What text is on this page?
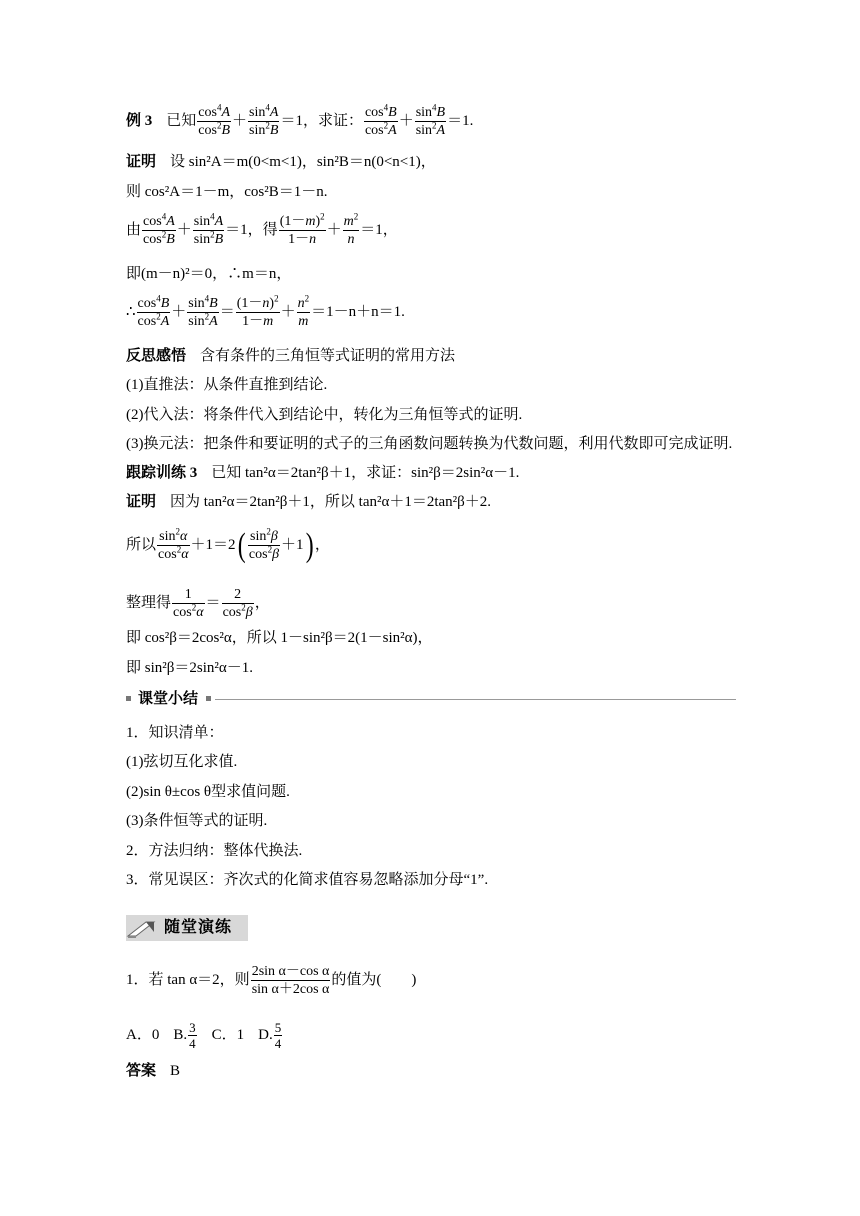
例 3 已知 $\frac{\cos^4A}{\cos^2B} + \frac{\sin^4A}{\sin^2B} =1$，求证： $\frac{\cos^4B}{\cos^2A} + \frac{\sin^4B}{\sin^2A} =1$.
证明 设 sin²A＝m(0<m<1)，sin²B＝n(0<n<1)，
则 cos²A＝1－m，cos²B＝1－n.
由 $\frac{\cos^4A}{\cos^2B} + \frac{\sin^4A}{\sin^2B} =1$，得 $\frac{(1-m)^2}{1-n} + \frac{m^2}{n} =1$，
即(m－n)²＝0，∴m＝n，
∴ $\frac{\cos^4B}{\cos^2A} + \frac{\sin^4B}{\sin^2A} = \frac{(1-n)^2}{1-m} + \frac{n^2}{m} =1-n+n=1$.
反思感悟 含有条件的三角恒等式证明的常用方法
(1)直推法：从条件直推到结论.
(2)代入法：将条件代入到结论中，转化为三角恒等式的证明.
(3)换元法：把条件和要证明的式子的三角函数问题转换为代数问题，利用代数即可完成证明.
跟踪训练 3 已知 tan²α＝2tan²β＋1，求证：sin²β＝2sin²α－1.
证明 因为 tan²α＝2tan²β＋1，所以 tan²α＋1＝2tan²β＋2.
所以 $\frac{\sin^2\alpha}{\cos^2\alpha} +1=2( \frac{\sin^2\beta}{\cos^2\beta} +1)$ ，
整理得 $\frac{1}{\cos^2\alpha} = \frac{2}{\cos^2\beta}$ ，
即 cos²β＝2cos²α，所以 1－sin²β＝2(1－sin²α)，
即 sin²β＝2sin²α－1.
课堂小结
1．知识清单：
(1)弦切互化求值.
(2)sin θ±cos θ型求值问题.
(3)条件恒等式的证明.
2．方法归纳：整体代换法.
3．常见误区：齐次式的化简求值容易忽略添加分母“1”.
随堂演练
1．若 tan α＝2，则 $\frac{\text{2sin α－cos α}}{\text{sin α＋2cos α}}$ 的值为(　　)
A．0 B. $\frac{3}{4}$ C．1 D. $\frac{5}{4}$
答案 B
